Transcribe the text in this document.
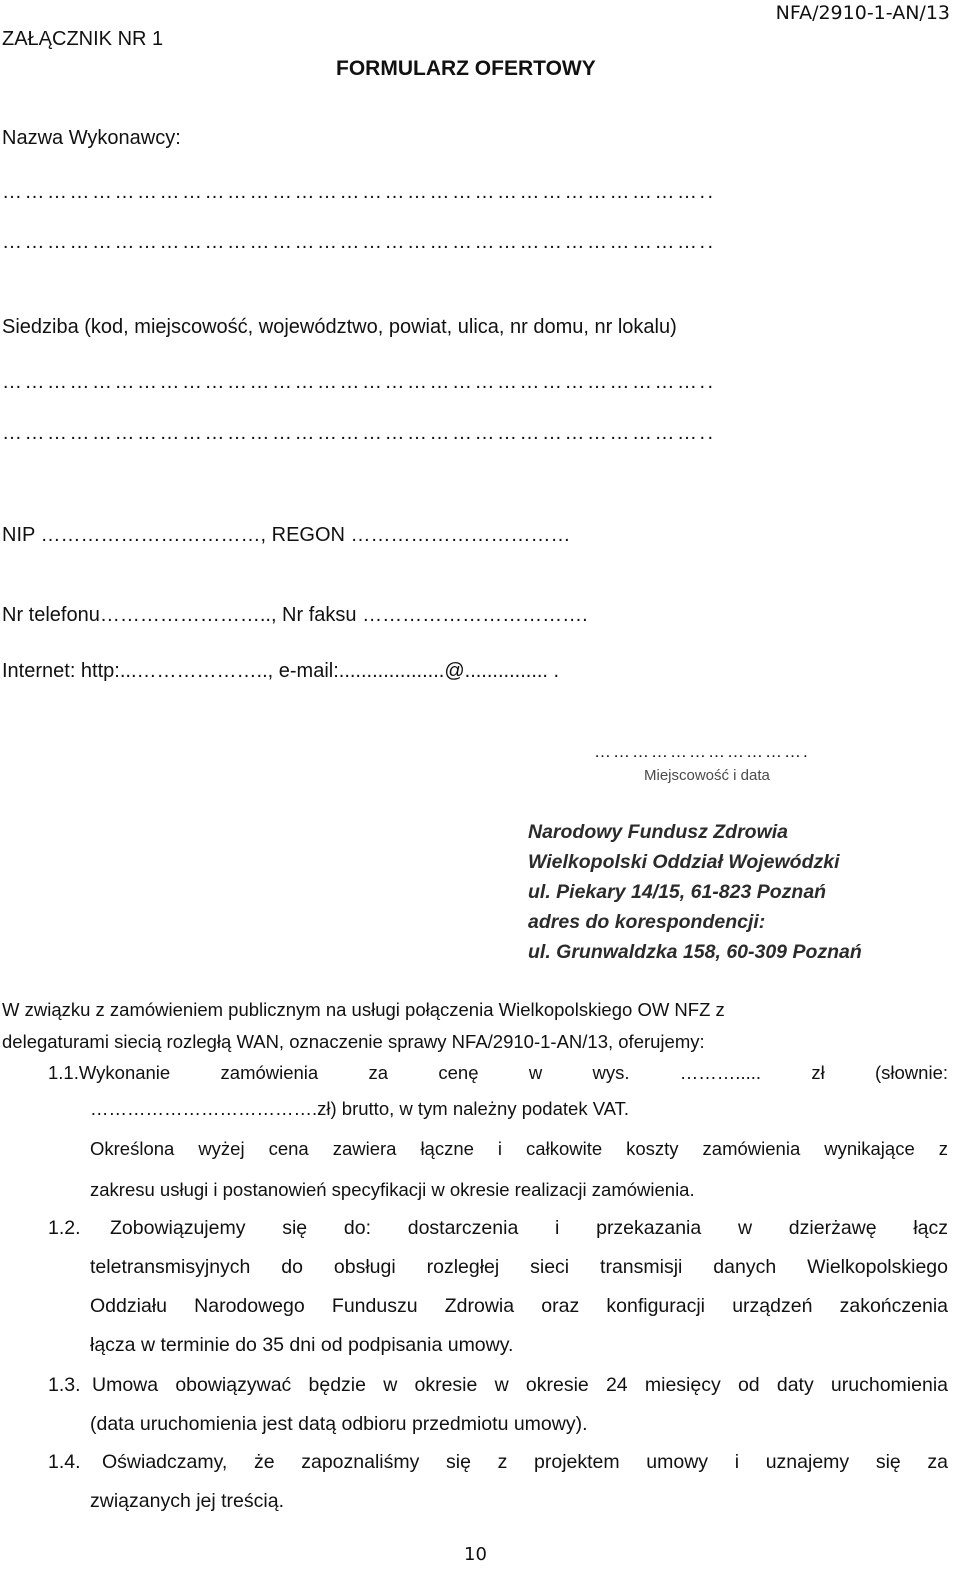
ZAŁĄCZNIK NR 1
NFA/2910-1-AN/13
FORMULARZ OFERTOWY
Nazwa Wykonawcy:
…………………………………………………………………………………..
…………………………………………………………………………………..
Siedziba (kod, miejscowość, województwo, powiat, ulica, nr domu, nr lokalu)
…………………………………………………………………………………..
…………………………………………………………………………………..
NIP ……………………………, REGON ……………………………
Nr telefonu…………………….., Nr faksu …………………………….
Internet: http:...……………….., e-mail:...................@............... .
…………………………….
Miejscowość i data
Narodowy Fundusz Zdrowia
Wielkopolski Oddział Wojewódzki
ul. Piekary 14/15, 61-823 Poznań
adres do korespondencji:
ul. Grunwaldzka 158, 60-309 Poznań
W związku z zamówieniem publicznym na usługi połączenia Wielkopolskiego OW NFZ z
delegaturami siecią rozległą WAN, oznaczenie sprawy NFA/2910-1-AN/13, oferujemy:
1.1.Wykonanie zamówienia za cenę w wys. ………..... zł (słownie:
……………………………….zł) brutto, w tym należny podatek VAT.
Określona wyżej cena zawiera łączne i całkowite koszty zamówienia wynikające z
zakresu usługi i postanowień specyfikacji w okresie realizacji zamówienia.
1.2. Zobowiązujemy się do: dostarczenia i przekazania w dzierżawę łącz
teletransmisyjnych do obsługi rozległej sieci transmisji danych Wielkopolskiego
Oddziału Narodowego Funduszu Zdrowia oraz konfiguracji urządzeń zakończenia
łącza w terminie do 35 dni od podpisania umowy.
1.3. Umowa obowiązywać będzie w okresie w okresie 24 miesięcy od daty uruchomienia
(data uruchomienia jest datą odbioru przedmiotu umowy).
1.4. Oświadczamy, że zapoznaliśmy się z projektem umowy i uznajemy się za
związanych jej treścią.
10
